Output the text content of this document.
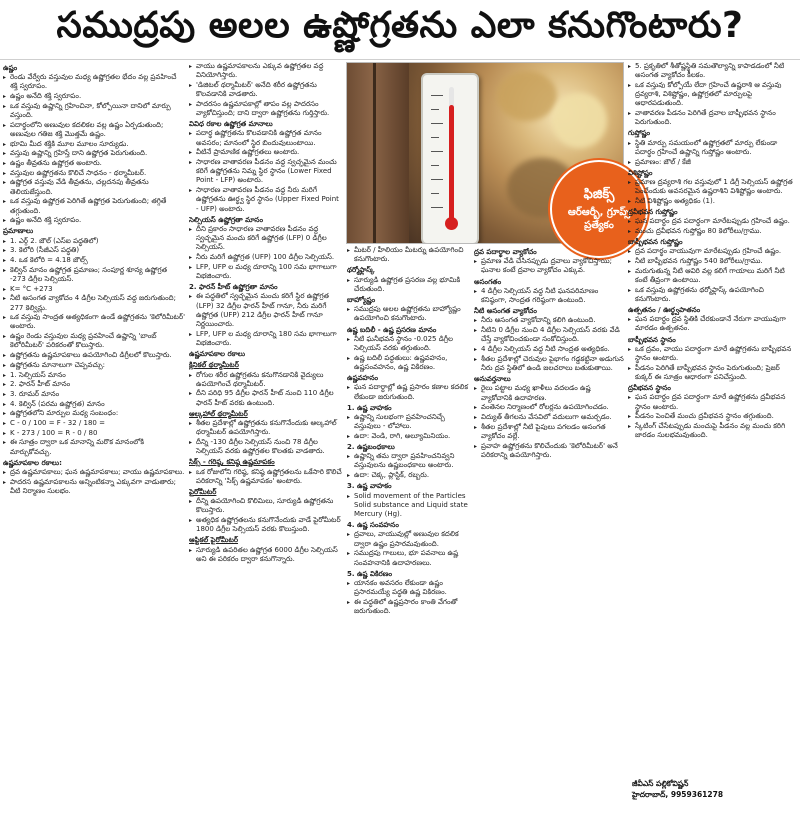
సముద్రపు అలల ఉష్ణోగ్రతను ఎలా కనుగొంటారు?
ఉష్ణం
▸ రెండు వేర్వేరు వస్తువుల మధ్య ఉష్ణోగ్రతల భేదం వల్ల ప్రవహించే శక్తి స్వరూపం.
▸ ఉష్ణం అనేది శక్తి స్వరూపం.
▸ ఒక వస్తువు ఉష్ణాన్ని గ్రహించినా, కోల్పోయినా దానిలో మార్పు వస్తుంది.
▸ పదార్థంలోని అణువుల కదలికల వల్ల ఉష్ణం ఏర్పడుతుంది; అణువుల గతిజ శక్తి మొత్తమే ఉష్ణం.
▸ భూమి మీద శక్తికి మూల మూలం సూర్యుడు.
▸ వస్తువు ఉష్ణాన్ని గ్రహిస్తే దాని ఉష్ణోగ్రత పెరుగుతుంది.
▸ ఉష్ణం తీవ్రతను ఉష్ణోగ్రత అంటారు.
▸ వస్తువుల ఉష్ణోగ్రతను కొలిచే సాధనం - థర్మామీటర్.
▸ ఉష్ణోగ్రత వస్తువు వేడి తీవ్రతను, చల్లదనపు తీవ్రతను తెలియజేస్తుంది.
▸ ఒక వస్తువు ఉష్ణోగ్రత పెరిగితే ఉష్ణోగ్రత పెరుగుతుంది; తగ్గితే తగ్గుతుంది.
▸ ఉష్ణం అనేది శక్తి స్వరూపం.
ప్రమాణాలు
▸ 1. ఎర్గ్ 2. జౌల్ (ఎస్ఐ పద్ధతిలో)
▸ 3. కెలోరి (సీజీఎస్ పద్ధతి)
▸ 4. ఒక కెలోరి = 4.18 జౌల్స్
▸ కెల్విన్ మానం ఉష్ణోగ్రత ప్రమాణం; సంపూర్ణ శూన్య ఉష్ణోగ్రత -273 డిగ్రీల సెల్సియస్.
▸ K= °C +273
▸ నీటి అసంగత వ్యాకోచం 4 డిగ్రీల సెల్సియస్ వద్ద జరుగుతుంది; 277 కెల్విన్లు.
▸ ఒక వస్తువు సాంద్రత అత్యధికంగా ఉండే ఉష్ణోగ్రతను 'కెలోరిమీటర్' అంటారు.
▸ ఉష్ణం రెండు వస్తువుల మధ్య ప్రవహించే ఉష్ణాన్ని 'బాంబ్ కెలోరిమీటర్' పరికరంతో కొలుస్తారు.
▸ ఉష్ణోగ్రతను ఉష్ణమాపకాలు ఉపయోగించి డిగ్రీలలో కొలుస్తారు.
▸ ఉష్ణోగ్రతను మానాలుగా చెప్పవచ్చు:
▸ 1. సెల్సియస్ మానం
▸ 2. ఫారన్ హీట్ మానం
▸ 3. రూమర్ మానం
▸ 4. కెల్విన్ (పరమ ఉష్ణోగ్రత) మానం
▸ ఉష్ణోగ్రతలోని మార్పుల మధ్య సంబంధం:
▸ C - 0 / 100 = F - 32 / 180 =
▸ K - 273 / 100 = R - 0 / 80
▸ ఈ సూత్రం ద్వారా ఒక మానాన్ని మరొక మానంలోకి మార్చుకోవచ్చు.
ఉష్ణమాపకాల రకాలు:
▸ ద్రవ ఉష్ణమాపకాలు; ఘన ఉష్ణమాపకాలు; వాయు ఉష్ణమాపకాలు.
▸ పాదరస ఉష్ణమాపకాలను అన్నింటికన్నా ఎక్కువగా వాడుతారు; వీటి నిర్మాణం సులభం.
▸ వాయు ఉష్ణమాపకాలను ఎక్కువ ఉష్ణోగ్రతల వద్ద వినియోగిస్తారు.
▸ 'డిజిటల్ థర్మామీటర్' అనేది శరీర ఉష్ణోగ్రతను కొలవడానికి వాడతారు.
▸ పాదరసం ఉష్ణమాపకాల్లో తాపం వల్ల పాదరసం వ్యాకోచిస్తుంది; దాని ద్వారా ఉష్ణోగ్రతను గుర్తిస్తారు.
వివిధ రకాల ఉష్ణోగ్రత మానాలు
▸ పదార్థ ఉష్ణోగ్రతను కొలవడానికి ఉష్ణోగ్రత మానం అవసరం; మానంలో స్థిర బిందువులుంటాయి.
▸ వీటినే ప్రామాణిక ఉష్ణోగ్రతలు అంటారు.
▸ సాధారణ వాతావరణ పీడనం వద్ద స్వచ్ఛమైన మంచు కరిగే ఉష్ణోగ్రతను నిమ్న స్థిర స్థానం (Lower Fixed Point - LFP) అంటారు.
▸ సాధారణ వాతావరణ పీడనం వద్ద నీరు మరిగే ఉష్ణోగ్రతను ఊర్థ్వ స్థిర స్థానం (Upper Fixed Point - UFP) అంటారు.
సెల్సియస్ ఉష్ణోగ్రతా మానం
▸ దీని ప్రకారం సాధారణ వాతావరణ పీడనం వద్ద స్వచ్ఛమైన మంచు కరిగే ఉష్ణోగ్రత (LFP) 0 డిగ్రీల సెల్సియస్.
▸ నీరు మరిగే ఉష్ణోగ్రత (UFP) 100 డిగ్రీల సెల్సియస్.
▸ LFP, UFP ల మధ్య దూరాన్ని 100 సమ భాగాలుగా విభజించారు.
2. ఫారన్ హీట్ ఉష్ణోగ్రతా మానం
▸ ఈ పద్ధతిలో స్వచ్ఛమైన మంచు కరిగే స్థిర ఉష్ణోగ్రత (LFP) 32 డిగ్రీల ఫారన్ హీట్ గానూ, నీరు మరిగే ఉష్ణోగ్రత (UFP) 212 డిగ్రీల ఫారన్ హీట్ గానూ నిర్ణయించారు.
▸ LFP, UFP ల మధ్య దూరాన్ని 180 సమ భాగాలుగా విభజించారు.
ఉష్ణమాపకాల రకాలు
క్లినికల్ థర్మామీటర్
▸ రోగుల శరీర ఉష్ణోగ్రతను కనుగొనడానికి వైద్యులు ఉపయోగించే థర్మామీటర్.
▸ దీని పరిధి 95 డిగ్రీల ఫారన్ హీట్ నుంచి 110 డిగ్రీల ఫారన్ హీట్ వరకు ఉంటుంది.
ఆల్కహాల్ థర్మామీటర్
▸ శీతల ప్రదేశాల్లో ఉష్ణోగ్రతను కనుగొనేందుకు ఆల్కహాల్ థర్మామీటర్ ఉపయోగిస్తారు.
▸ దీన్ని -130 డిగ్రీల సెల్సియస్ నుంచి 78 డిగ్రీల సెల్సియస్ వరకు ఉష్ణోగ్రతల కొలతకు వాడతారు.
సిక్స్ - గరిష్ఠ, కనిష్ఠ ఉష్ణమాపకం
▸ ఒక రోజులోని గరిష్ఠ, కనిష్ఠ ఉష్ణోగ్రతలను ఒకేసారి కొలిచే పరికరాన్ని 'సిక్స్ ఉష్ణమాపకం' అంటారు.
పైరోమీటర్
▸ దీన్ని ఉపయోగించి కొలిమిలు, సూర్యుడి ఉష్ణోగ్రతను కొలుస్తారు.
▸ అత్యధిక ఉష్ణోగ్రతలను కనుగొనేందుకు వాడే పైరోమీటర్ 1800 డిగ్రీల సెల్సియస్ వరకు కొలుస్తుంది.
ఆప్టికల్ పైరోమీటర్
▸ సూర్యుడి ఉపరితల ఉష్ణోగ్రత 6000 డిగ్రీల సెల్సియస్ అని ఈ పరికరం ద్వారా కనుగొన్నారు.
ఫిజిక్స్
ఆర్ఆర్బీ, గ్రూప్స్
ప్రత్యేకం
▸ మీటర్ / హీలియం మీటర్ను ఉపయోగించి కనుగొంటారు.
థర్మోఫ్లాస్క్
▸ సూర్యుడి ఉష్ణోగ్రత ప్రసరణ వల్ల భూమికి చేరుతుంది.
బాహ్యోష్ణం
▸ సముద్రపు అలల ఉష్ణోగ్రతను బాహ్యోష్ణం ఉపయోగించి కనుగొంటారు.
ఉష్ణ బదిలీ - ఉష్ణ ప్రసరణ మానం
▸ నీటి ఘనీభవన స్థానం -0.025 డిగ్రీల సెల్సియస్ వరకు తగ్గుతుంది.
▸ ఉష్ణ బదిలీ పద్ధతులు: ఉష్ణవహనం, ఉష్ణసంవహనం, ఉష్ణ వికిరణం.
ఉష్ణవహనం
▸ ఘన పదార్థాల్లో ఉష్ణ ప్రసారం కణాల కదలిక లేకుండా జరుగుతుంది.
1. ఉష్ణ వాహకం
▸ ఉష్ణాన్ని సులభంగా ప్రవహించనిచ్చే వస్తువులు - లోహాలు.
▸ ఉదా: వెండి, రాగి, అల్యూమినియం.
2. ఉష్ణబంధకాలు
▸ ఉష్ణాన్ని తమ ద్వారా ప్రవహించనివ్వని వస్తువులను ఉష్ణబంధకాలు అంటారు.
▸ ఉదా: చెక్క, ప్లాస్టిక్, రబ్బరు.
3. ఉష్ణ వాహకం
▸ Solid movement of the Particles Solid substance and Liquid state Mercury (Hg).
4. ఉష్ణ సంవహనం
▸ ద్రవాలు, వాయువుల్లో అణువుల కదలిక ద్వారా ఉష్ణం ప్రసారమవుతుంది.
▸ సముద్రపు గాలులు, భూ పవనాలు ఉష్ణ సంవహనానికి ఉదాహరణలు.
5. ఉష్ణ వికిరణం
▸ యానకం అవసరం లేకుండా ఉష్ణం ప్రసారమయ్యే పద్ధతి ఉష్ణ వికిరణం.
▸ ఈ పద్ధతిలో ఉష్ణప్రసారం కాంతి వేగంతో జరుగుతుంది.
ద్రవ పదార్థాల వ్యాకోచం
▸ ప్రమాణ వేడి చేసినప్పుడు ద్రవాలు వ్యాకోచిస్తాయి; ఘనాల కంటే ద్రవాల వ్యాకోచం ఎక్కువ.
అసంగతం
▸ 4 డిగ్రీల సెల్సియస్ వద్ద నీటి ఘనపరిమాణం కనిష్ఠంగా, సాంద్రత గరిష్ఠంగా ఉంటుంది.
నీటి అసంగత వ్యాకోచం
▸ నీరు అసంగత వ్యాకోచాన్ని కలిగి ఉంటుంది.
▸ నీటిని 0 డిగ్రీల నుంచి 4 డిగ్రీల సెల్సియస్ వరకు వేడి చేస్తే వ్యాకోచించకుండా సంకోచిస్తుంది.
▸ 4 డిగ్రీల సెల్సియస్ వద్ద నీటి సాంద్రత అత్యధికం.
▸ శీతల ప్రదేశాల్లో చెరువుల పైభాగం గడ్డకట్టినా అడుగున నీరు ద్రవ స్థితిలో ఉండి జలచరాలు బతుకుతాయి.
అనువర్తనాలు
▸ రైలు పట్టాల మధ్య ఖాళీలు వదలడం ఉష్ణ వ్యాకోచానికి ఉదాహరణ.
▸ వంతెనల నిర్మాణంలో రోలర్లను ఉపయోగించడం.
▸ విద్యుత్ తీగలను వేసవిలో వదులుగా అమర్చడం.
▸ శీతల ప్రదేశాల్లో నీటి పైపులు పగలడం అసంగత వ్యాకోచం వల్లే.
▸ ప్రవాహ ఉష్ణోగ్రతను కొలిచేందుకు 'కెలోరిమీటర్' అనే పరికరాన్ని ఉపయోగిస్తారు.
▸ 5. ప్రకృతిలో శీతోష్ణస్థితి సమతౌల్యాన్ని కాపాడడంలో నీటి అసంగత వ్యాకోచం కీలకం.
▸ ఒక వస్తువు కోల్పోయే లేదా గ్రహించే ఉష్ణరాశి ఆ వస్తువు ద్రవ్యరాశి, విశిష్టోష్ణం, ఉష్ణోగ్రతలో మార్పులపై ఆధారపడుతుంది.
▸ వాతావరణ పీడనం పెరిగితే ద్రవాల బాష్పీభవన స్థానం పెరుగుతుంది.
గుప్తోష్ణం
▸ స్థితి మార్పు సమయంలో ఉష్ణోగ్రతలో మార్పు లేకుండా పదార్థం గ్రహించే ఉష్ణాన్ని గుప్తోష్ణం అంటారు.
▸ ప్రమాణం: జౌల్ / కేజీ
విశిష్టోష్ణం
▸ ప్రమాణ ద్రవ్యరాశి గల వస్తువులో 1 డిగ్రీ సెల్సియస్ ఉష్ణోగ్రత పెంచేందుకు అవసరమైన ఉష్ణరాశిని విశిష్టోష్ణం అంటారు.
▸ నీటి విశిష్టోష్ణం అత్యధికం (1).
ద్రవీభవన గుప్తోష్ణం
▸ ఘన పదార్థం ద్రవ పదార్థంగా మారేటప్పుడు గ్రహించే ఉష్ణం.
▸ మంచు ద్రవీభవన గుప్తోష్ణం 80 కెలోరీలు/గ్రాము.
బాష్పీభవన గుప్తోష్ణం
▸ ద్రవ పదార్థం వాయువుగా మారేటప్పుడు గ్రహించే ఉష్ణం.
▸ నీటి బాష్పీభవన గుప్తోష్ణం 540 కెలోరీలు/గ్రాము.
▸ మరుగుతున్న నీటి ఆవిరి వల్ల కలిగే గాయాలు మరిగే నీటి కంటే తీవ్రంగా ఉంటాయి.
▸ ఒక వస్తువు ఉష్ణోగ్రతను థర్మోఫ్లాస్క్ ఉపయోగించి కనుగొంటారు.
ఉత్పతనం / ఊర్థ్వపాతనం
▸ ఘన పదార్థం ద్రవ స్థితికి చేరకుండానే నేరుగా వాయువుగా మారడం ఉత్పతనం.
బాష్పీభవన స్థానం
▸ ఒక ద్రవం, వాయు పదార్థంగా మారే ఉష్ణోగ్రతను బాష్పీభవన స్థానం అంటారు.
▸ పీడనం పెరిగితే బాష్పీభవన స్థానం పెరుగుతుంది; ప్రెజర్ కుక్కర్ ఈ సూత్రం ఆధారంగా పనిచేస్తుంది.
ద్రవీభవన స్థానం
▸ ఘన పదార్థం ద్రవ పదార్థంగా మారే ఉష్ణోగ్రతను ద్రవీభవన స్థానం అంటారు.
▸ పీడనం పెంచితే మంచు ద్రవీభవన స్థానం తగ్గుతుంది.
▸ స్కేటింగ్ చేసేటప్పుడు మంచుపై పీడనం వల్ల మంచు కరిగి జారడం సులభమవుతుంది.
జీవీఎస్ పల్లికోవిష్ణన్
హైదరాబాద్, 9959361278
